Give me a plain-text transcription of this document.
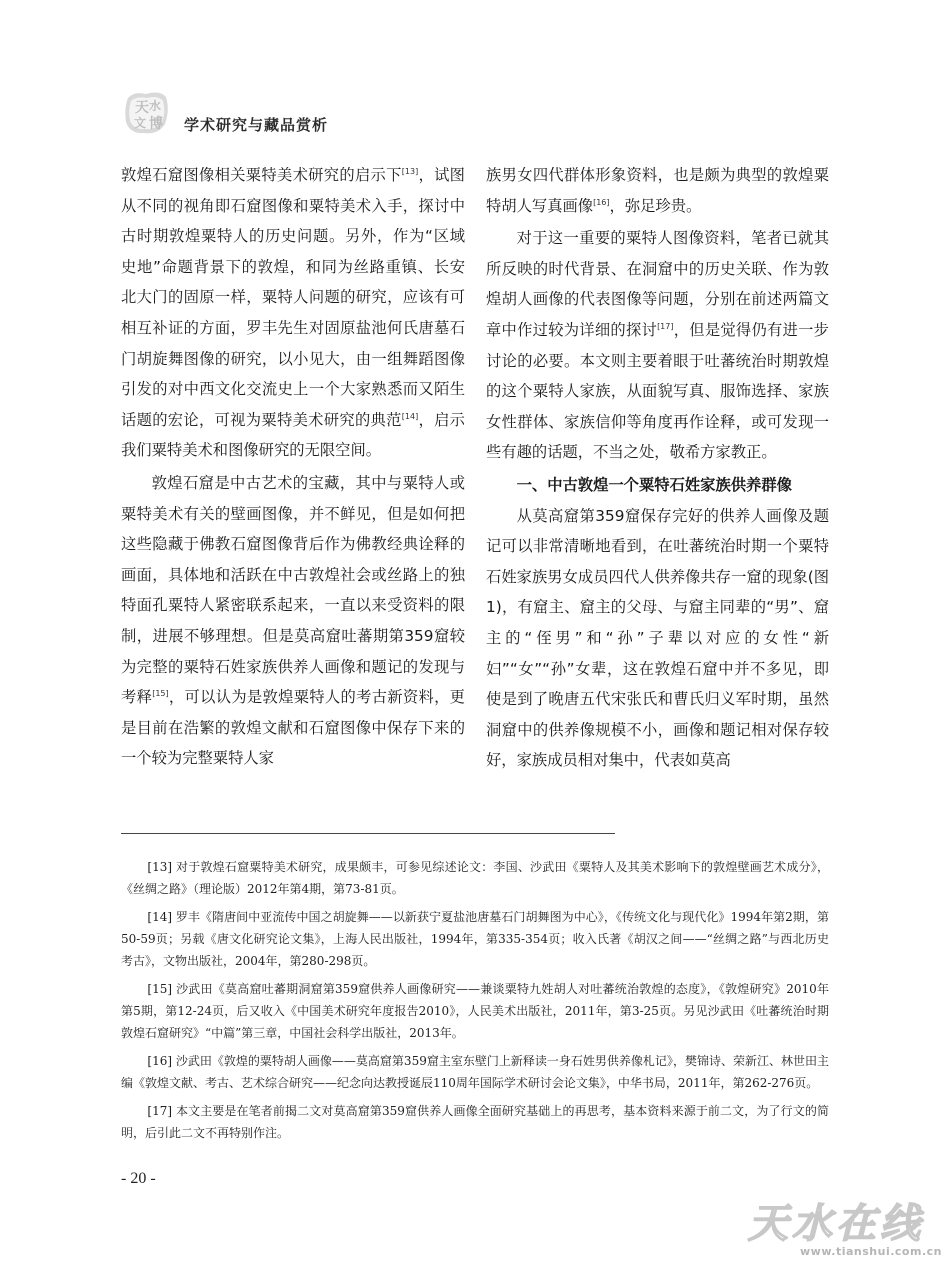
天 水
文 博 学术研究与藏品赏析

敦煌石窟图像相关粟特美术研究的启示下[13]，试图从不同的视角即石窟图像和粟特美术入手，探讨中古时期敦煌粟特人的历史问题。另外，作为“区域史地”命题背景下的敦煌，和同为丝路重镇、长安北大门的固原一样，粟特人问题的研究，应该有可相互补证的方面，罗丰先生对固原盐池何氏唐墓石门胡旋舞图像的研究，以小见大，由一组舞蹈图像引发的对中西文化交流史上一个大家熟悉而又陌生话题的宏论，可视为粟特美术研究的典范[14]，启示我们粟特美术和图像研究的无限空间。

敦煌石窟是中古艺术的宝藏，其中与粟特人或粟特美术有关的壁画图像，并不鲜见，但是如何把这些隐藏于佛教石窟图像背后作为佛教经典诠释的画面，具体地和活跃在中古敦煌社会或丝路上的独特面孔粟特人紧密联系起来，一直以来受资料的限制，进展不够理想。但是莫高窟吐蕃期第359窟较为完整的粟特石姓家族供养人画像和题记的发现与考释[15]，可以认为是敦煌粟特人的考古新资料，更是目前在浩繁的敦煌文献和石窟图像中保存下来的一个较为完整粟特人家

族男女四代群体形象资料，也是颇为典型的敦煌粟特胡人写真画像[16]，弥足珍贵。

对于这一重要的粟特人图像资料，笔者已就其所反映的时代背景、在洞窟中的历史关联、作为敦煌胡人画像的代表图像等问题，分别在前述两篇文章中作过较为详细的探讨[17]，但是觉得仍有进一步讨论的必要。本文则主要着眼于吐蕃统治时期敦煌的这个粟特人家族，从面貌写真、服饰选择、家族女性群体、家族信仰等角度再作诠释，或可发现一些有趣的话题，不当之处，敬希方家教正。

一、中古敦煌一个粟特石姓家族供养群像

从莫高窟第359窟保存完好的供养人画像及题记可以非常清晰地看到，在吐蕃统治时期一个粟特石姓家族男女成员四代人供养像共存一窟的现象(图1)，有窟主、窟主的父母、与窟主同辈的“男”、窟主的“侄男”和“孙”子辈以对应的女性“新妇”“女”“孙”女辈，这在敦煌石窟中并不多见，即使是到了晚唐五代宋张氏和曹氏归义军时期，虽然洞窟中的供养像规模不小，画像和题记相对保存较好，家族成员相对集中，代表如莫高

[13] 对于敦煌石窟粟特美术研究，成果颇丰，可参见综述论文：李国、沙武田《粟特人及其美术影响下的敦煌壁画艺术成分》，《丝绸之路》（理论版）2012年第4期，第73-81页。

[14] 罗丰《隋唐间中亚流传中国之胡旋舞——以新获宁夏盐池唐墓石门胡舞图为中心》，《传统文化与现代化》1994年第2期，第50-59页；另载《唐文化研究论文集》，上海人民出版社，1994年，第335-354页；收入氏著《胡汉之间——“丝绸之路”与西北历史考古》，文物出版社，2004年，第280-298页。

[15] 沙武田《莫高窟吐蕃期洞窟第359窟供养人画像研究——兼谈粟特九姓胡人对吐蕃统治敦煌的态度》，《敦煌研究》2010年第5期，第12-24页，后又收入《中国美术研究年度报告2010》，人民美术出版社，2011年，第3-25页。另见沙武田《吐蕃统治时期敦煌石窟研究》“中篇”第三章，中国社会科学出版社，2013年。

[16] 沙武田《敦煌的粟特胡人画像——莫高窟第359窟主室东壁门上新释读一身石姓男供养像札记》，樊锦诗、荣新江、林世田主编《敦煌文献、考古、艺术综合研究——纪念向达教授诞辰110周年国际学术研讨会论文集》，中华书局，2011年，第262-276页。

[17] 本文主要是在笔者前揭二文对莫高窟第359窟供养人画像全面研究基础上的再思考，基本资料来源于前二文，为了行文的简明，后引此二文不再特别作注。

- 20 -
天水在线
www.tianshui.com.cn
